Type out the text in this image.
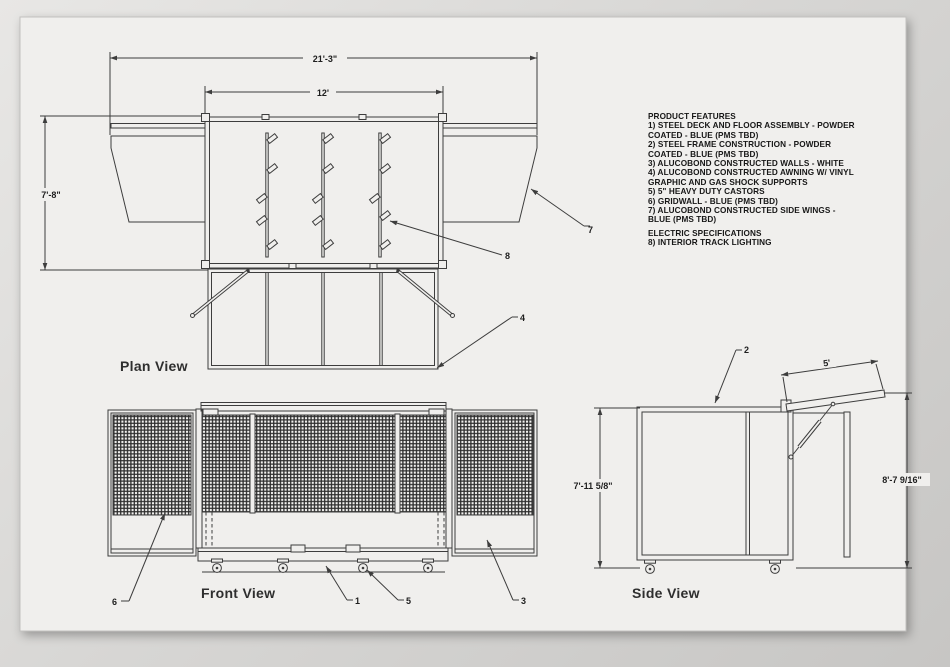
21'-3"
12'
7'-8"
4
7
8
Plan View
6	1	5	3
Front View
5'
7'-11 5/8"
8'-7 9/16"
2
Side View
PRODUCT FEATURES
1) STEEL DECK AND FLOOR ASSEMBLY - POWDER
COATED - BLUE (PMS TBD)
2) STEEL FRAME CONSTRUCTION - POWDER
COATED - BLUE (PMS TBD)
3) ALUCOBOND CONSTRUCTED WALLS - WHITE
4) ALUCOBOND CONSTRUCTED AWNING W/ VINYL
GRAPHIC AND GAS SHOCK SUPPORTS
5) 5" HEAVY DUTY CASTORS
6) GRIDWALL - BLUE (PMS TBD)
7) ALUCOBOND CONSTRUCTED SIDE WINGS -
BLUE (PMS TBD)
ELECTRIC SPECIFICATIONS
8) INTERIOR TRACK LIGHTING
